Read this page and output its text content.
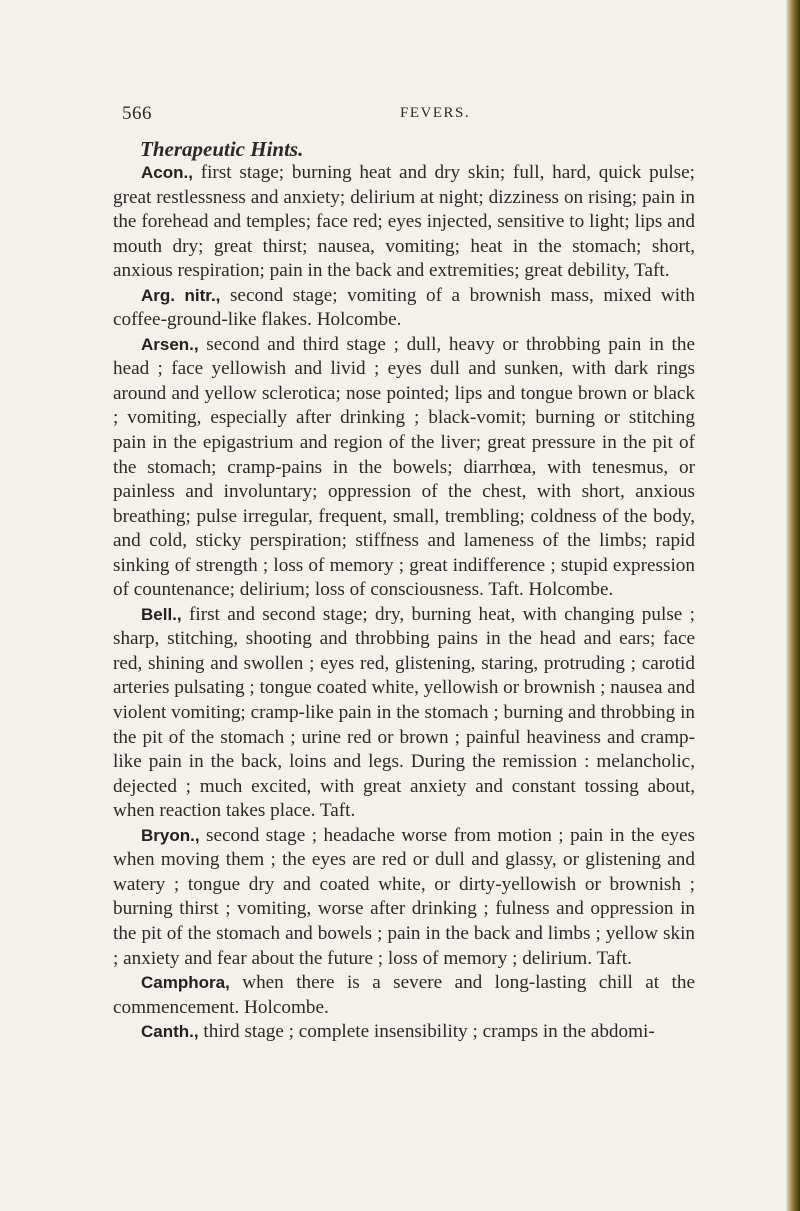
566	FEVERS.
Therapeutic Hints.

Acon., first stage; burning heat and dry skin; full, hard, quick pulse; great restlessness and anxiety; delirium at night; dizziness on rising; pain in the forehead and temples; face red; eyes injected, sensitive to light; lips and mouth dry; great thirst; nausea, vomiting; heat in the stomach; short, anxious respiration; pain in the back and extremities; great debility, Taft.

Arg. nitr., second stage; vomiting of a brownish mass, mixed with coffee-ground-like flakes. Holcombe.

Arsen., second and third stage ; dull, heavy or throbbing pain in the head ; face yellowish and livid ; eyes dull and sunken, with dark rings around and yellow sclerotica; nose pointed; lips and tongue brown or black ; vomiting, especially after drinking ; black-vomit; burning or stitching pain in the epigastrium and region of the liver; great pressure in the pit of the stomach; cramp-pains in the bowels; diarrhœa, with tenesmus, or painless and involuntary; oppression of the chest, with short, anxious breathing; pulse irregular, frequent, small, trembling; coldness of the body, and cold, sticky perspiration; stiffness and lameness of the limbs; rapid sinking of strength ; loss of memory ; great indifference ; stupid expression of countenance; delirium; loss of consciousness. Taft. Holcombe.

Bell., first and second stage; dry, burning heat, with changing pulse ; sharp, stitching, shooting and throbbing pains in the head and ears; face red, shining and swollen ; eyes red, glistening, staring, protruding ; carotid arteries pulsating ; tongue coated white, yellowish or brownish ; nausea and violent vomiting; cramp-like pain in the stomach ; burning and throbbing in the pit of the stomach ; urine red or brown ; painful heaviness and cramp-like pain in the back, loins and legs. During the remission : melancholic, dejected ; much excited, with great anxiety and constant tossing about, when reaction takes place. Taft.

Bryon., second stage ; headache worse from motion ; pain in the eyes when moving them ; the eyes are red or dull and glassy, or glistening and watery ; tongue dry and coated white, or dirty-yellowish or brownish ; burning thirst ; vomiting, worse after drinking ; fulness and oppression in the pit of the stomach and bowels ; pain in the back and limbs ; yellow skin ; anxiety and fear about the future ; loss of memory ; delirium. Taft.

Camphora, when there is a severe and long-lasting chill at the commencement. Holcombe.

Canth., third stage ; complete insensibility ; cramps in the abdomi-
